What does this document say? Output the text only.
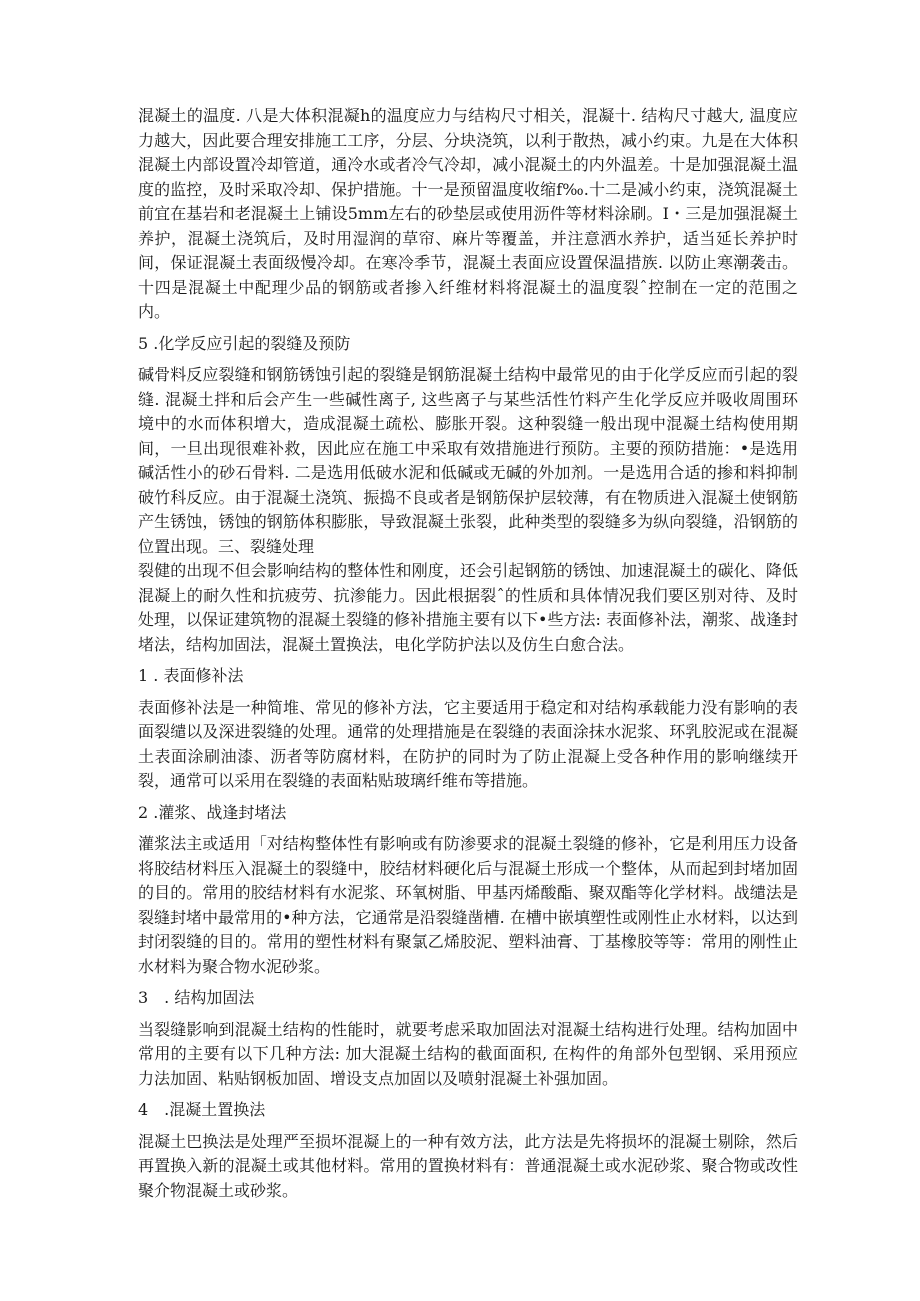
混凝土的温度. 八是大体积混凝h的温度应力与结构尺寸相关，混凝十. 结构尺寸越大, 温度应力越大，因此要合理安排施工工序，分层、分块浇筑，以利于散热，减小约束。九是在大体积混凝土内部设置冷却管道，通冷水或者冷气冷却，减小混凝土的内外温差。十是加强混凝土温度的监控，及时采取冷却、保护措施。十一是预留温度收缩f‰.十二是减小约束，浇筑混凝土前宜在基岩和老混凝土上铺设5mm左右的砂垫层或使用沥件等材料涂刷。I・三是加强混凝土养护，混凝土浇筑后，及时用湿润的草帘、麻片等覆盖，并注意洒水养护，适当延长养护时间，保证混凝土表面级慢冷却。在寒冷季节，混凝土表面应设置保温措族. 以防止寒潮袭击。十四是混凝土中配理少品的钢筋或者掺入纤维材料将混凝土的温度裂ˆ控制在一定的范围之内。

5 .化学反应引起的裂缝及预防

碱骨料反应裂缝和钢筋锈蚀引起的裂缝是钢筋混凝土结构中最常见的由于化学反应而引起的裂缝. 混凝土拌和后会产生一些碱性离子, 这些离子与某些活性竹料产生化学反应并吸收周围环境中的水而体积增大，造成混凝土疏松、膨胀开裂。这种裂缝一般出现中混凝土结构使用期间，一旦出现很难补救，因此应在施工中采取有效措施进行预防。主要的预防措施：•是选用碱活性小的砂石骨料. 二是选用低破水泥和低碱或无碱的外加剂。一是选用合适的掺和料抑制破竹科反应。由于混凝土浇筑、振捣不良或者是钢筋保护层较薄，有在物质进入混凝土使钢筋产生锈蚀，锈蚀的钢筋体积膨胀，导致混凝土张裂，此种类型的裂缝多为纵向裂缝，沿钢筋的位置出现。三、裂缝处理

裂健的出现不但会影响结构的整体性和刚度，还会引起钢筋的锈蚀、加速混凝土的碳化、降低混凝上的耐久性和抗疲劳、抗渗能力。因此根据裂ˆ的性质和具体情况我们要区别对待、及时处理，以保证建筑物的混凝土裂缝的修补措施主要有以下•些方法: 表面修补法，潮浆、战逢封堵法，结构加固法，混凝土置换法，电化学防护法以及仿生白愈合法。

1 . 表面修补法

表面修补法是一种简堆、常见的修补方法，它主要适用于稳定和对结构承载能力没有影响的表面裂缱以及深进裂缝的处理。通常的处理措施是在裂缝的表面涂抹水泥浆、环乳胶泥或在混凝土表面涂刷油漆、沥者等防腐材料，在防护的同时为了防止混凝上受各种作用的影响继续开裂，通常可以采用在裂缝的表面粘贴玻璃纤维布等措施。

2 .灌浆、战逢封堵法

灌浆法主或适用「对结构整体性有影响或有防渗要求的混凝土裂缝的修补，它是利用压力设备将胶结材料压入混凝土的裂缝中，胶结材料硬化后与混凝土形成一个整体，从而起到封堵加固的目的。常用的胶结材料有水泥浆、环氧树脂、甲基丙烯酸酯、聚双酯等化学材料。战缱法是裂缝封堵中最常用的•种方法，它通常是沿裂缝凿槽. 在槽中嵌填塑性或刚性止水材料，以达到封闭裂缝的目的。常用的塑性材料有聚氯乙烯胶泥、塑料油膏、丁基橡胶等等：常用的刚性止水材料为聚合物水泥砂浆。

3　. 结构加固法

当裂缝影响到混凝土结构的性能时，就要考虑采取加固法对混凝土结构进行处理。结构加固中常用的主要有以下几种方法: 加大混凝土结构的截面面积, 在构件的角部外包型钢、采用预应力法加固、粘贴钢板加固、增设支点加固以及喷射混凝土补强加固。

4　.混凝土置换法

混凝土巴换法是处理严至损坏混凝上的一种有效方法，此方法是先将损坏的混凝士剔除，然后再置换入新的混凝土或其他材料。常用的置换材料有：普通混凝土或水泥砂浆、聚合物或改性聚介物混凝土或砂浆。
